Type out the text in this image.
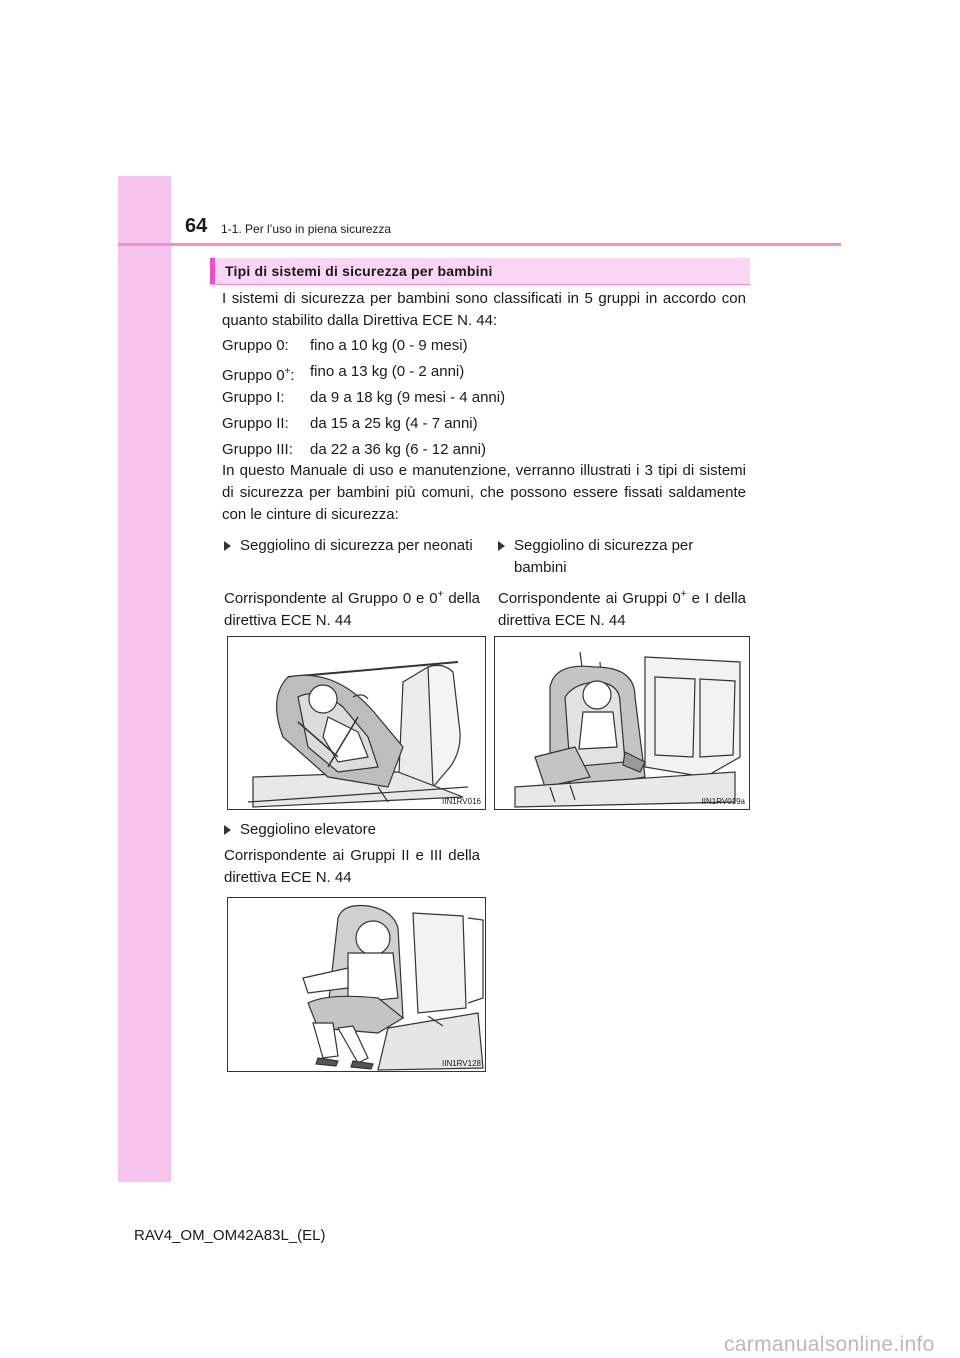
64 1-1. Per l’uso in piena sicurezza
Tipi di sistemi di sicurezza per bambini
I sistemi di sicurezza per bambini sono classificati in 5 gruppi in accordo con quanto stabilito dalla Direttiva ECE N. 44:
Gruppo 0: fino a 10 kg (0 - 9 mesi)
Gruppo 0+: fino a 13 kg (0 - 2 anni)
Gruppo I: da 9 a 18 kg (9 mesi - 4 anni)
Gruppo II: da 15 a 25 kg (4 - 7 anni)
Gruppo III: da 22 a 36 kg (6 - 12 anni)
In questo Manuale di uso e manutenzione, verranno illustrati i 3 tipi di sistemi di sicurezza per bambini più comuni, che possono essere fissati saldamente con le cinture di sicurezza:
Seggiolino di sicurezza per neonati
Corrispondente al Gruppo 0 e 0+ della direttiva ECE N. 44
Seggiolino di sicurezza per bambini
Corrispondente ai Gruppi 0+ e I della direttiva ECE N. 44
IIN1RV016	IIN1RV019a
Seggiolino elevatore
Corrispondente ai Gruppi II e III della direttiva ECE N. 44
IIN1RV128
RAV4_OM_OM42A83L_(EL)
carmanualsonline.info
